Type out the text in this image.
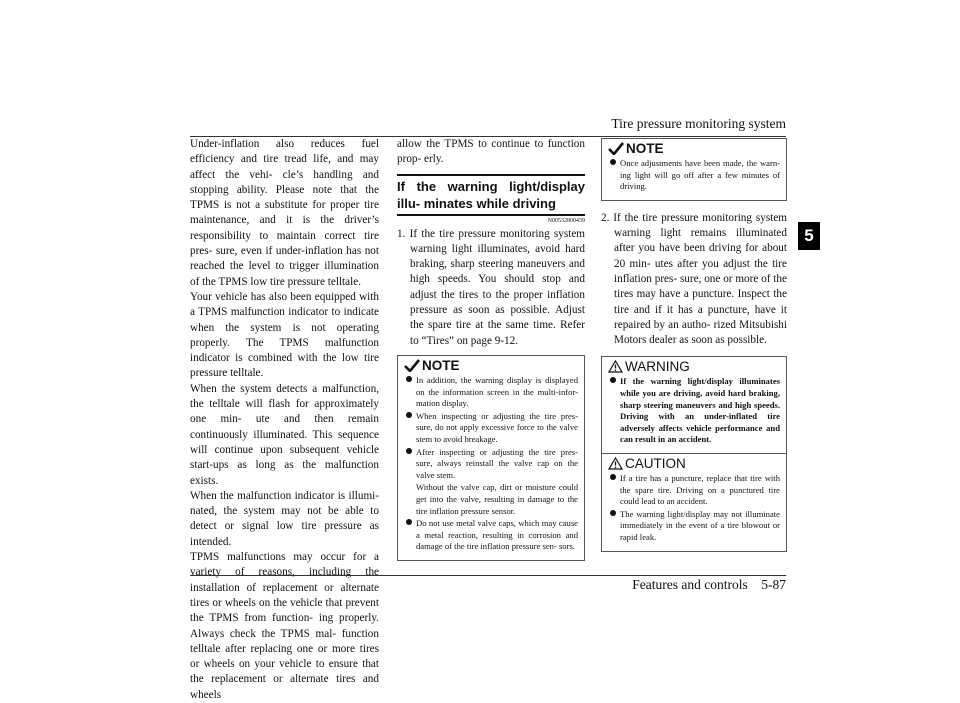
Tire pressure monitoring system
5

Under-inflation also reduces fuel efficiency and tire tread life, and may affect the vehi- cle’s handling and stopping ability. Please note that the TPMS is not a substitute for proper tire maintenance, and it is the driver’s responsibility to maintain correct tire pres- sure, even if under-inflation has not reached the level to trigger illumination of the TPMS low tire pressure telltale.

Your vehicle has also been equipped with a TPMS malfunction indicator to indicate when the system is not operating properly. The TPMS malfunction indicator is combined with the low tire pressure telltale.

When the system detects a malfunction, the telltale will flash for approximately one min- ute and then remain continuously illuminated. This sequence will continue upon subsequent vehicle start-ups as long as the malfunction exists.

When the malfunction indicator is illumi- nated, the system may not be able to detect or signal low tire pressure as intended.

TPMS malfunctions may occur for a variety of reasons, including the installation of replacement or alternate tires or wheels on the vehicle that prevent the TPMS from function- ing properly. Always check the TPMS mal- function telltale after replacing one or more tires or wheels on your vehicle to ensure that the replacement or alternate tires and wheels

allow the TPMS to continue to function prop- erly.

If the warning light/display illu- minates while driving
N00532800439

1. If the tire pressure monitoring system warning light illuminates, avoid hard braking, sharp steering maneuvers and high speeds. You should stop and adjust the tires to the proper inflation pressure as soon as possible. Adjust the spare tire at the same time. Refer to “Tires” on page 9-12.

NOTE
In addition, the warning display is displayed on the information screen in the multi-infor- mation display.
When inspecting or adjusting the tire pres- sure, do not apply excessive force to the valve stem to avoid breakage.
After inspecting or adjusting the tire pres- sure, always reinstall the valve cap on the valve stem.
Without the valve cap, dirt or moisture could get into the valve, resulting in damage to the tire inflation pressure sensor.
Do not use metal valve caps, which may cause a metal reaction, resulting in corrosion and damage of the tire inflation pressure sen- sors.
NOTE
Once adjustments have been made, the warn- ing light will go off after a few minutes of driving.

2. If the tire pressure monitoring system warning light remains illuminated after you have been driving for about 20 min- utes after you adjust the tire inflation pres- sure, one or more of the tires may have a puncture. Inspect the tire and if it has a puncture, have it repaired by an autho- rized Mitsubishi Motors dealer as soon as possible.

WARNING
If the warning light/display illuminates while you are driving, avoid hard braking, sharp steering maneuvers and high speeds. Driving with an under-inflated tire adversely affects vehicle performance and can result in an accident.
CAUTION
If a tire has a puncture, replace that tire with the spare tire. Driving on a punctured tire could lead to an accident.
The warning light/display may not illuminate immediately in the event of a tire blowout or rapid leak.
Features and controls 5-87
